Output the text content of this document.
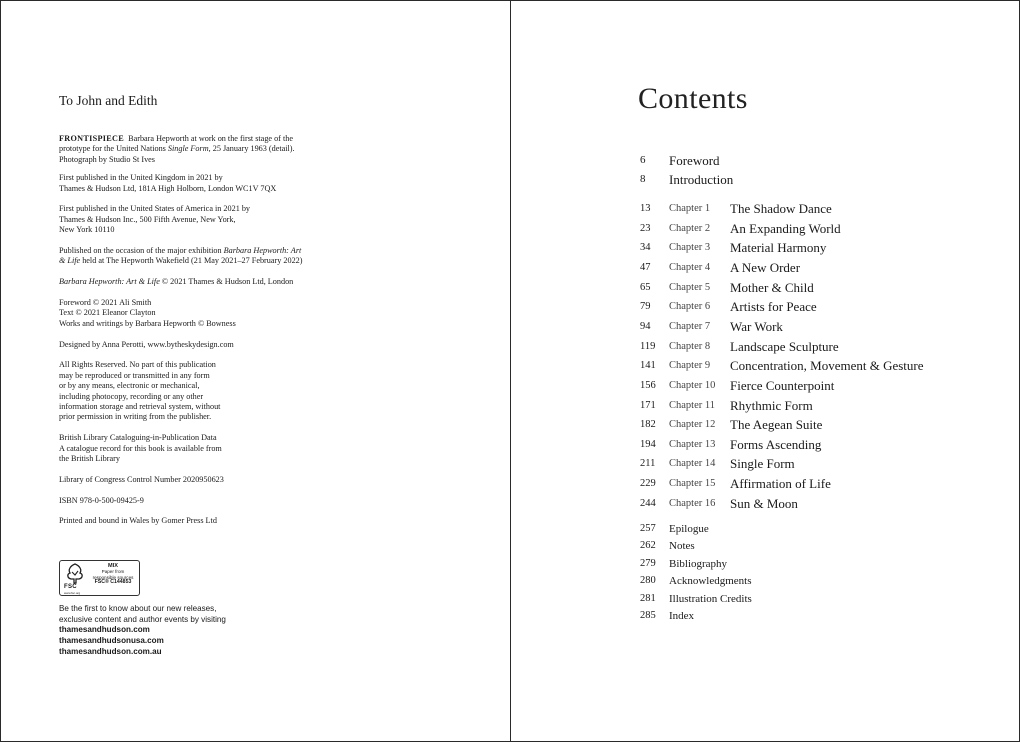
To John and Edith

FRONTISPIECE Barbara Hepworth at work on the first stage of the prototype for the United Nations Single Form, 25 January 1963 (detail). Photograph by Studio St Ives

First published in the United Kingdom in 2021 by
Thames & Hudson Ltd, 181A High Holborn, London WC1V 7QX

First published in the United States of America in 2021 by
Thames & Hudson Inc., 500 Fifth Avenue, New York,
New York 10110

Published on the occasion of the major exhibition Barbara Hepworth: Art & Life held at The Hepworth Wakefield (21 May 2021–27 February 2022)

Barbara Hepworth: Art & Life © 2021 Thames & Hudson Ltd, London

Foreword © 2021 Ali Smith
Text © 2021 Eleanor Clayton
Works and writings by Barbara Hepworth © Bowness

Designed by Anna Perotti, www.bytheskydesign.com

All Rights Reserved. No part of this publication
may be reproduced or transmitted in any form
or by any means, electronic or mechanical,
including photocopy, recording or any other
information storage and retrieval system, without
prior permission in writing from the publisher.

British Library Cataloguing-in-Publication Data
A catalogue record for this book is available from
the British Library

Library of Congress Control Number 2020950623

ISBN 978-0-500-09425-9

Printed and bound in Wales by Gomer Press Ltd

FSC
www.fsc.org
MIX
Paper from
responsible sources
FSC® C144853
Be the first to know about our new releases,
exclusive content and author events by visiting
thamesandhudson.com
thamesandhudsonusa.com
thamesandhudson.com.au
Contents
6 Foreword
8 Introduction
13 Chapter 1 The Shadow Dance
23 Chapter 2 An Expanding World
34 Chapter 3 Material Harmony
47 Chapter 4 A New Order
65 Chapter 5 Mother & Child
79 Chapter 6 Artists for Peace
94 Chapter 7 War Work
119 Chapter 8 Landscape Sculpture
141 Chapter 9 Concentration, Movement & Gesture
156 Chapter 10 Fierce Counterpoint
171 Chapter 11 Rhythmic Form
182 Chapter 12 The Aegean Suite
194 Chapter 13 Forms Ascending
211 Chapter 14 Single Form
229 Chapter 15 Affirmation of Life
244 Chapter 16 Sun & Moon
257 Epilogue
262 Notes
279 Bibliography
280 Acknowledgments
281 Illustration Credits
285 Index
